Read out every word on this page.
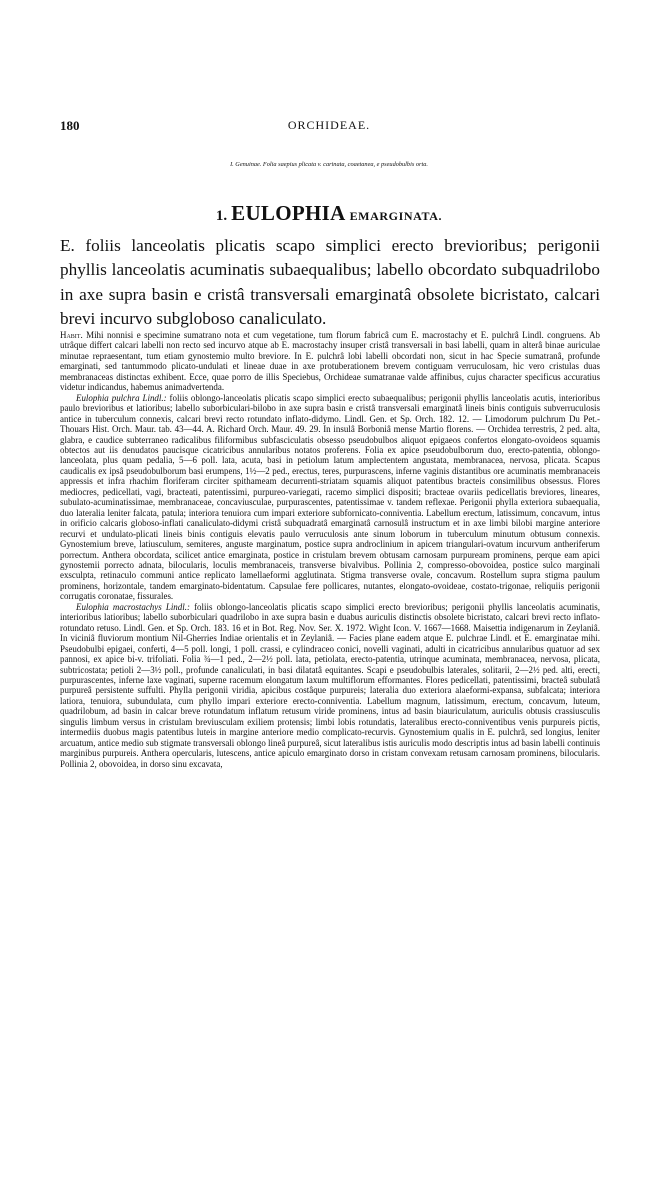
180	ORCHIDEAE.
I. Genuinae. Folia saepius plicata v. carinata, coaetanea, e pseudobulbis orta.
1. EULOPHIA EMARGINATA.
E. foliis lanceolatis plicatis scapo simplici erecto brevioribus; perigonii phyllis lanceolatis acuminatis subaequalibus; labello obcordato subquadrilobo in axe supra basin e cristâ transversali emarginatâ obsolete bicristato, calcari brevi incurvo subgloboso canaliculato.

Habit. Mihi nonnisi e specimine sumatrano nota et cum vegetatione, tum florum fabricâ cum E. macrostachy et E. pulchrâ Lindl. congruens. Ab utrâque differt calcari labelli non recto sed incurvo atque ab E. macrostachy insuper cristâ transversali in basi labelli, quam in alterâ binae auriculae minutae repraesentant, tum etiam gynostemio multo breviore. In E. pulchrâ lobi labelli obcordati non, sicut in hac Specie sumatranâ, profunde emarginati, sed tantummodo plicato-undulati et lineae duae in axe protuberationem brevem contiguam verruculosam, hic vero cristulas duas membranaceas distinctas exhibent. Ecce, quae porro de illis Speciebus, Orchideae sumatranae valde affinibus, cujus character specificus accuratius videtur indicandus, habemus animadvertenda.

Eulophia pulchra Lindl.: foliis oblongo-lanceolatis plicatis scapo simplici erecto subaequalibus; perigonii phyllis lanceolatis acutis, interioribus paulo brevioribus et latioribus; labello suborbiculari-bilobo in axe supra basin e cristâ transversali emarginatâ lineis binis contiguis subverruculosis antice in tuberculum connexis, calcari brevi recto rotundato inflato-didymo. Lindl. Gen. et Sp. Orch. 182. 12. — Limodorum pulchrum Du Pet.-Thouars Hist. Orch. Maur. tab. 43—44. A. Richard Orch. Maur. 49. 29. In insulâ Borboniâ mense Martio florens. — Orchidea terrestris, 2 ped. alta, glabra, e caudice subterraneo radicalibus filiformibus subfasciculatis obsesso pseudobulbos aliquot epigaeos confertos elongato-ovoideos squamis obtectos aut iis denudatos paucisque cicatricibus annularibus notatos proferens. Folia ex apice pseudobulborum duo, erecto-patentia, oblongo-lanceolata, plus quam pedalia, 5—6 poll. lata, acuta, basi in petiolum latum amplectentem angustata, membranacea, nervosa, plicata. Scapus caudicalis ex ipsâ pseudobulborum basi erumpens, 1½—2 ped., erectus, teres, purpurascens, inferne vaginis distantibus ore acuminatis membranaceis appressis et infra rhachim floriferam circiter spithameam decurrenti-striatam squamis aliquot patentibus bracteis consimilibus obsessus. Flores mediocres, pedicellati, vagi, bracteati, patentissimi, purpureo-variegati, racemo simplici dispositi; bracteae ovariis pedicellatis breviores, lineares, subulato-acuminatissimae, membranaceae, concaviusculae, purpurascentes, patentissimae v. tandem reflexae. Perigonii phylla exteriora subaequalia, duo lateralia leniter falcata, patula; interiora tenuiora cum impari exteriore subfornicato-conniventia. Labellum erectum, latissimum, concavum, intus in orificio calcaris globoso-inflati canaliculato-didymi cristâ subquadratâ emarginatâ carnosulâ instructum et in axe limbi bilobi margine anteriore recurvi et undulato-plicati lineis binis contiguis elevatis paulo verruculosis ante sinum loborum in tuberculum minutum obtusum connexis. Gynostemium breve, latiusculum, semiteres, anguste marginatum, postice supra androclinium in apicem triangulari-ovatum incurvum antheriferum porrectum. Anthera obcordata, scilicet antice emarginata, postice in cristulam brevem obtusam carnosam purpuream prominens, perque eam apici gynostemii porrecto adnata, bilocularis, loculis membranaceis, transverse bivalvibus. Pollinia 2, compresso-obovoidea, postice sulco marginali exsculpta, retinaculo communi antice replicato lamellaeformi agglutinata. Stigma transverse ovale, concavum. Rostellum supra stigma paulum prominens, horizontale, tandem emarginato-bidentatum. Capsulae fere pollicares, nutantes, elongato-ovoideae, costato-trigonae, reliquiis perigonii corrugatis coronatae, fissurales.

Eulophia macrostachys Lindl.: foliis oblongo-lanceolatis plicatis scapo simplici erecto brevioribus; perigonii phyllis lanceolatis acuminatis, interioribus latioribus; labello suborbiculari quadrilobo in axe supra basin e duabus auriculis distinctis obsolete bicristato, calcari brevi recto inflato-rotundato retuso. Lindl. Gen. et Sp. Orch. 183. 16 et in Bot. Reg. Nov. Ser. X. 1972. Wight Icon. V. 1667—1668. Maisettia indigenarum in Zeylaniâ. In viciniâ fluviorum montium Nil-Gherries Indiae orientalis et in Zeylaniâ. — Facies plane eadem atque E. pulchrae Lindl. et E. emarginatae mihi. Pseudobulbi epigaei, conferti, 4—5 poll. longi, 1 poll. crassi, e cylindraceo conici, novelli vaginati, adulti in cicatricibus annularibus quatuor ad sex pannosi, ex apice bi-v. trifoliati. Folia ¾—1 ped., 2—2½ poll. lata, petiolata, erecto-patentia, utrinque acuminata, membranacea, nervosa, plicata, subtricostata; petioli 2—3½ poll., profunde canaliculati, in basi dilatatâ equitantes. Scapi e pseudobulbis laterales, solitarii, 2—2½ ped. alti, erecti, purpurascentes, inferne laxe vaginati, superne racemum elongatum laxum multiflorum efformantes. Flores pedicellati, patentissimi, bracteâ subulatâ purpureâ persistente suffulti. Phylla perigonii viridia, apicibus costâque purpureis; lateralia duo exteriora alaeformi-expansa, subfalcata; interiora latiora, tenuiora, subundulata, cum phyllo impari exteriore erecto-conniventia. Labellum magnum, latissimum, erectum, concavum, luteum, quadrilobum, ad basin in calcar breve rotundatum inflatum retusum viride prominens, intus ad basin biauriculatum, auriculis obtusis crassiusculis singulis limbum versus in cristulam breviusculam exiliem protensis; limbi lobis rotundatis, lateralibus erecto-conniventibus venis purpureis pictis, intermediis duobus magis patentibus luteis in margine anteriore medio complicato-recurvis. Gynostemium qualis in E. pulchrâ, sed longius, leniter arcuatum, antice medio sub stigmate transversali oblongo lineâ purpureâ, sicut lateralibus istis auriculis modo descriptis intus ad basin labelli continuis marginibus purpureis. Anthera opercularis, lutescens, antice apiculo emarginato dorso in cristam convexam retusam carnosam prominens, bilocularis. Pollinia 2, obovoidea, in dorso sinu excavata,
